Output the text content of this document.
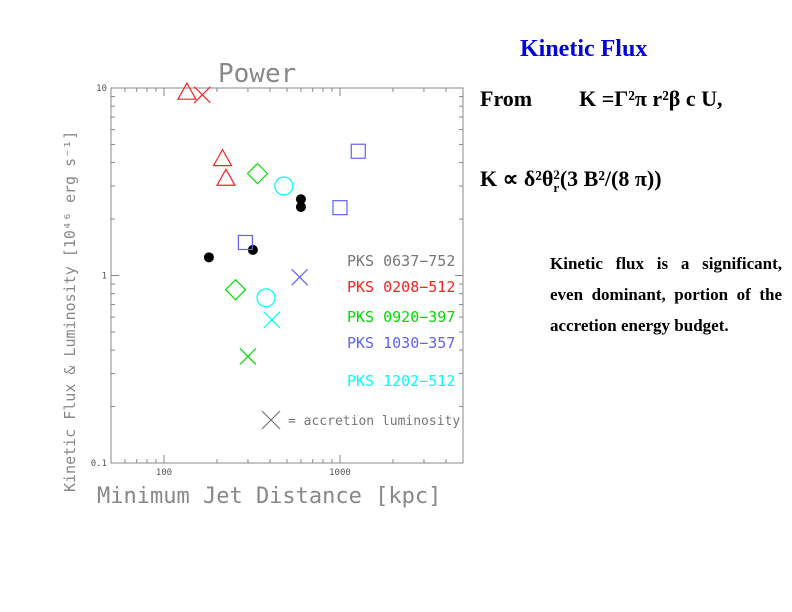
Power
100	1000
0.1
1
10
Minimum Jet Distance [kpc]
Kinetic Flux & Luminosity [10⁴⁶ erg s⁻¹]	PKS 0637−752
PKS 0208−512
PKS 0920−397
PKS 1030−357
PKS 1202−512
= accretion luminosity
Kinetic Flux
From K =Γ²π r²β c U,
K ∝ δ²θ 2
r (3 B²/(8 π))
Kinetic flux is a significant, even dominant, portion of the accretion energy budget.
